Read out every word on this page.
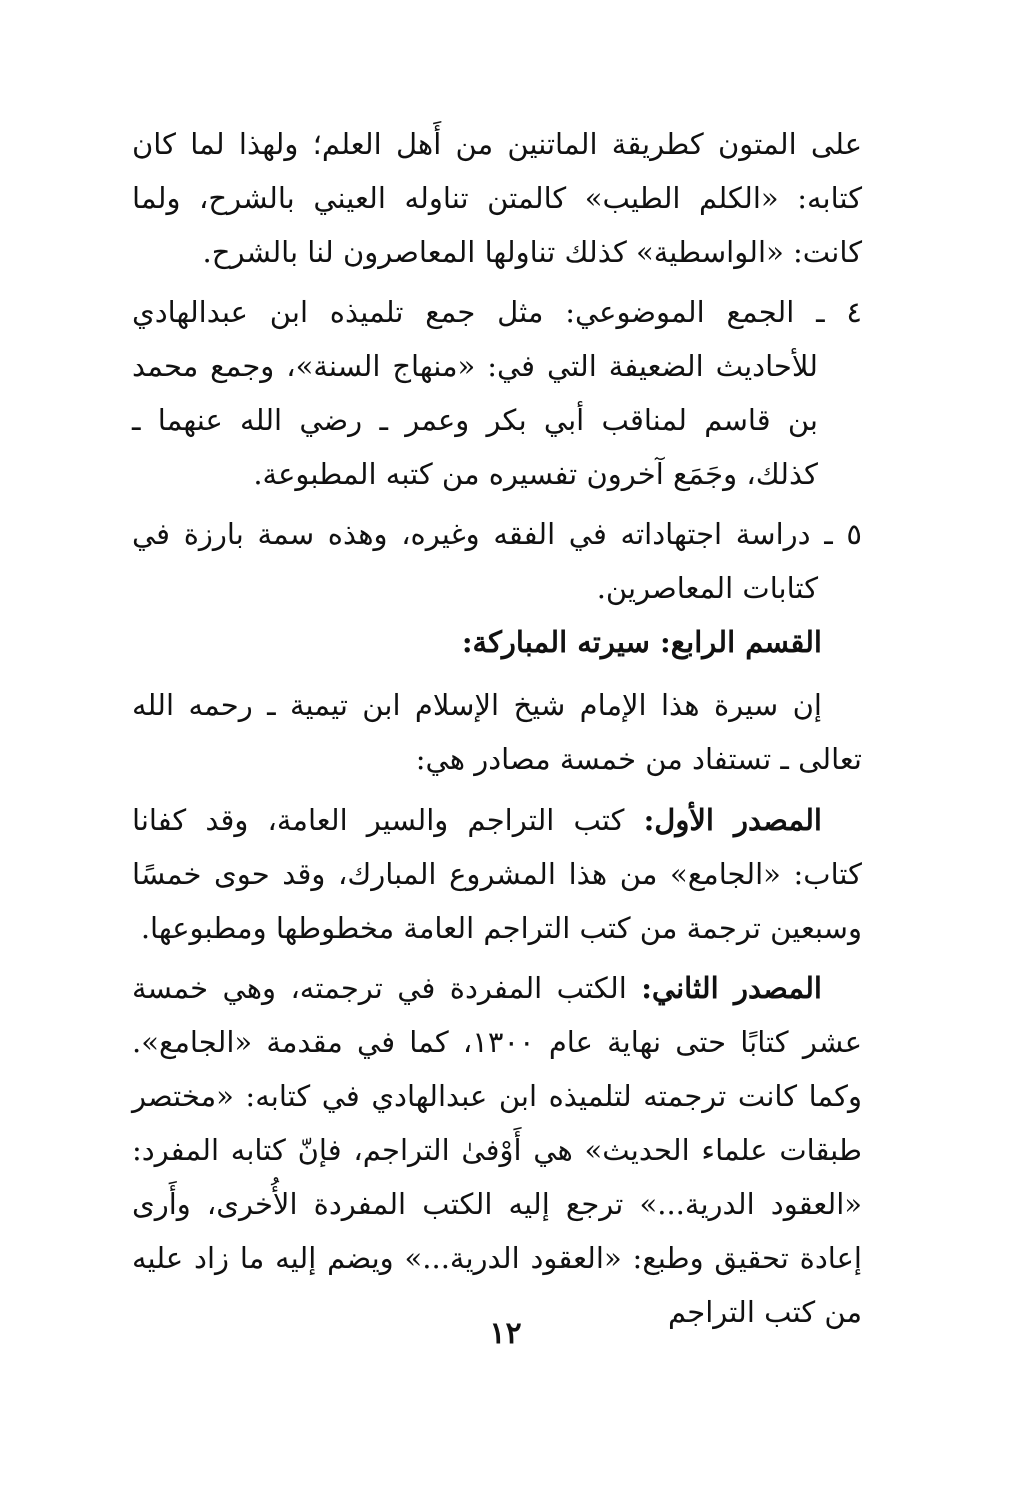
على المتون كطريقة الماتنين من أَهل العلم؛ ولهذا لما كان كتابه: «الكلم الطيب» كالمتن تناوله العيني بالشرح، ولما كانت: «الواسطية» كذلك تناولها المعاصرون لنا بالشرح.

٤ ـ الجمع الموضوعي: مثل جمع تلميذه ابن عبدالهادي للأحاديث الضعيفة التي في: «منهاج السنة»، وجمع محمد بن قاسم لمناقب أبي بكر وعمر ـ رضي الله عنهما ـ كذلك، وجَمَع آخرون تفسيره من كتبه المطبوعة.

٥ ـ دراسة اجتهاداته في الفقه وغيره، وهذه سمة بارزة في كتابات المعاصرين.

القسم الرابع: سيرته المباركة:

إن سيرة هذا الإمام شيخ الإسلام ابن تيمية ـ رحمه الله تعالى ـ تستفاد من خمسة مصادر هي:

المصدر الأول: كتب التراجم والسير العامة، وقد كفانا كتاب: «الجامع» من هذا المشروع المبارك، وقد حوى خمسًا وسبعين ترجمة من كتب التراجم العامة مخطوطها ومطبوعها.

المصدر الثاني: الكتب المفردة في ترجمته، وهي خمسة عشر كتابًا حتى نهاية عام ١٣٠٠، كما في مقدمة «الجامع». وكما كانت ترجمته لتلميذه ابن عبدالهادي في كتابه: «مختصر طبقات علماء الحديث» هي أَوْفىٰ التراجم، فإنّ كتابه المفرد: «العقود الدرية...» ترجع إليه الكتب المفردة الأُخرى، وأَرى إعادة تحقيق وطبع: «العقود الدرية...» ويضم إليه ما زاد عليه من كتب التراجم

١٢
